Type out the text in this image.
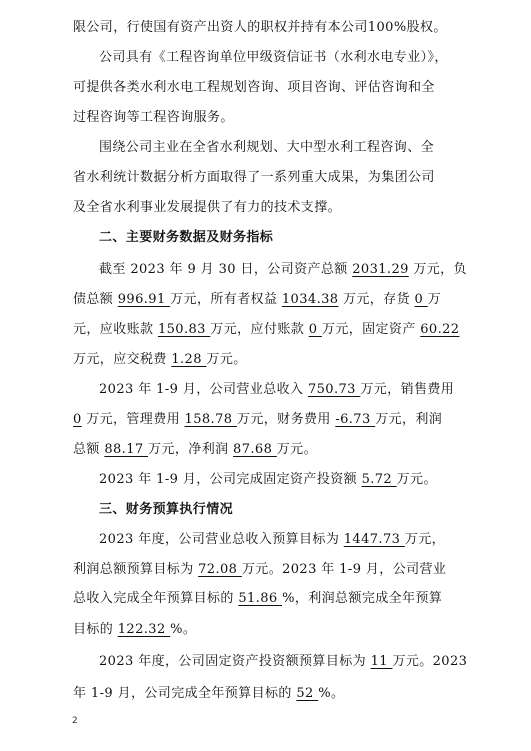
限公司，行使国有资产出资人的职权并持有本公司100%股权。
公司具有《工程咨询单位甲级资信证书（水利水电专业）》，
可提供各类水利水电工程规划咨询、项目咨询、评估咨询和全
过程咨询等工程咨询服务。
围绕公司主业在全省水利规划、大中型水利工程咨询、全
省水利统计数据分析方面取得了一系列重大成果，为集团公司
及全省水利事业发展提供了有力的技术支撑。
二、主要财务数据及财务指标
截至 2023 年 9 月 30 日，公司资产总额 2031.29 万元，负
债总额 996.91 万元，所有者权益 1034.38 万元，存货 0 万
元，应收账款 150.83 万元，应付账款 0 万元，固定资产 60.22
万元，应交税费 1.28 万元。
2023 年 1-9 月，公司营业总收入 750.73 万元，销售费用
0 万元，管理费用 158.78 万元，财务费用 -6.73 万元，利润
总额 88.17 万元，净利润 87.68 万元。
2023 年 1-9 月，公司完成固定资产投资额 5.72 万元。
三、财务预算执行情况
2023 年度，公司营业总收入预算目标为 1447.73 万元，
利润总额预算目标为 72.08 万元。2023 年 1-9 月，公司营业
总收入完成全年预算目标的 51.86 %，利润总额完成全年预算
目标的 122.32 %。
2
2023 年度，公司固定资产投资额预算目标为 11 万元。2023
年 1-9 月，公司完成全年预算目标的 52 %。
